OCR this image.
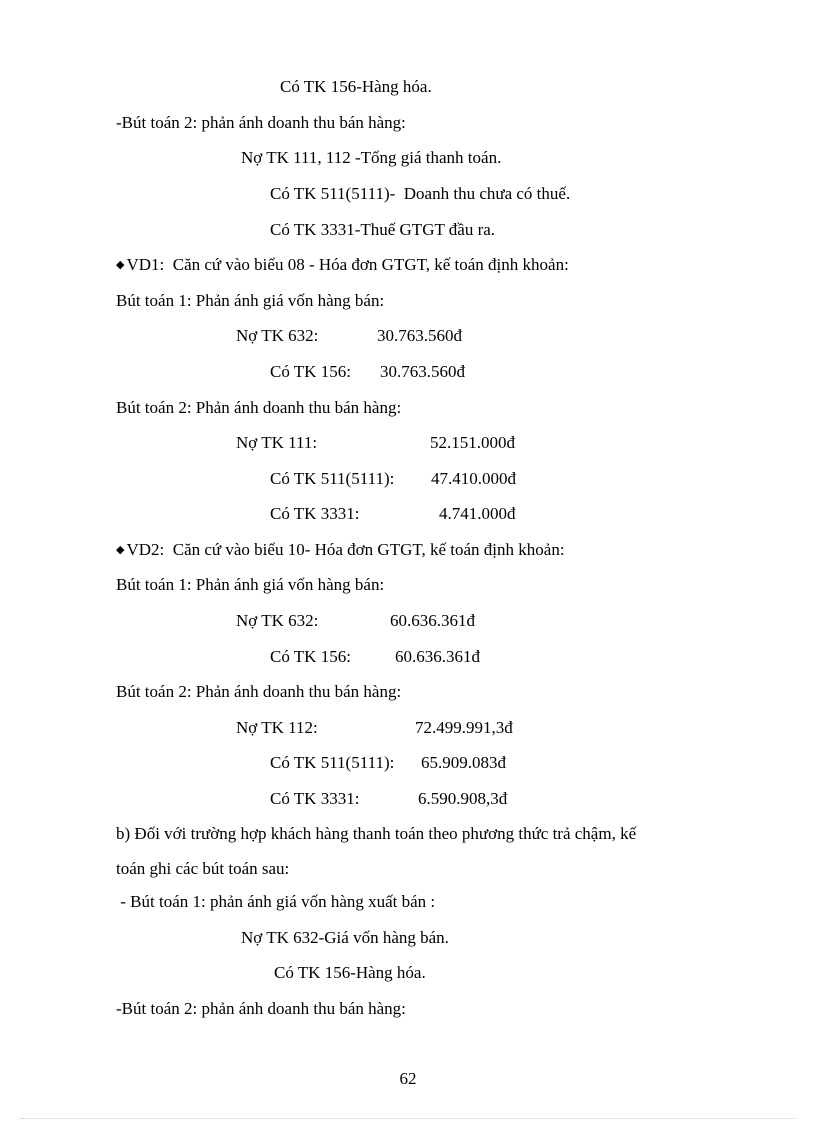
Có TK 156-Hàng hóa.
-Bút toán 2: phản ánh doanh thu bán hàng:
Nợ TK 111, 112 -Tổng giá thanh toán.
Có TK 511(5111)-  Doanh thu chưa có thuế.
Có TK 3331-Thuế GTGT đầu ra.
◆ VD1:  Căn cứ vào biểu 08 - Hóa đơn GTGT, kế toán định khoản:
Bút toán 1: Phản ánh giá vốn hàng bán:
Nợ TK 632:	30.763.560đ
Có TK 156: 30.763.560đ
Bút toán 2: Phản ánh doanh thu bán hàng:
Nợ TK 111:	52.151.000đ
Có TK 511(5111): 47.410.000đ
Có TK 3331:	4.741.000đ
◆ VD2:  Căn cứ vào biểu 10- Hóa đơn GTGT, kế toán định khoản:
Bút toán 1: Phản ánh giá vốn hàng bán:
Nợ TK 632:	60.636.361đ
Có TK 156:	60.636.361đ
Bút toán 2: Phản ánh doanh thu bán hàng:
Nợ TK 112:	72.499.991,3đ
Có TK 511(5111): 65.909.083đ
Có TK 3331:	6.590.908,3đ
b) Đối với trường hợp khách hàng thanh toán theo phương thức trả chậm, kế
toán ghi các bút toán sau:
- Bút toán 1: phản ánh giá vốn hàng xuất bán :
Nợ TK 632-Giá vốn hàng bán.
Có TK 156-Hàng hóa.
-Bút toán 2: phản ánh doanh thu bán hàng:
62
